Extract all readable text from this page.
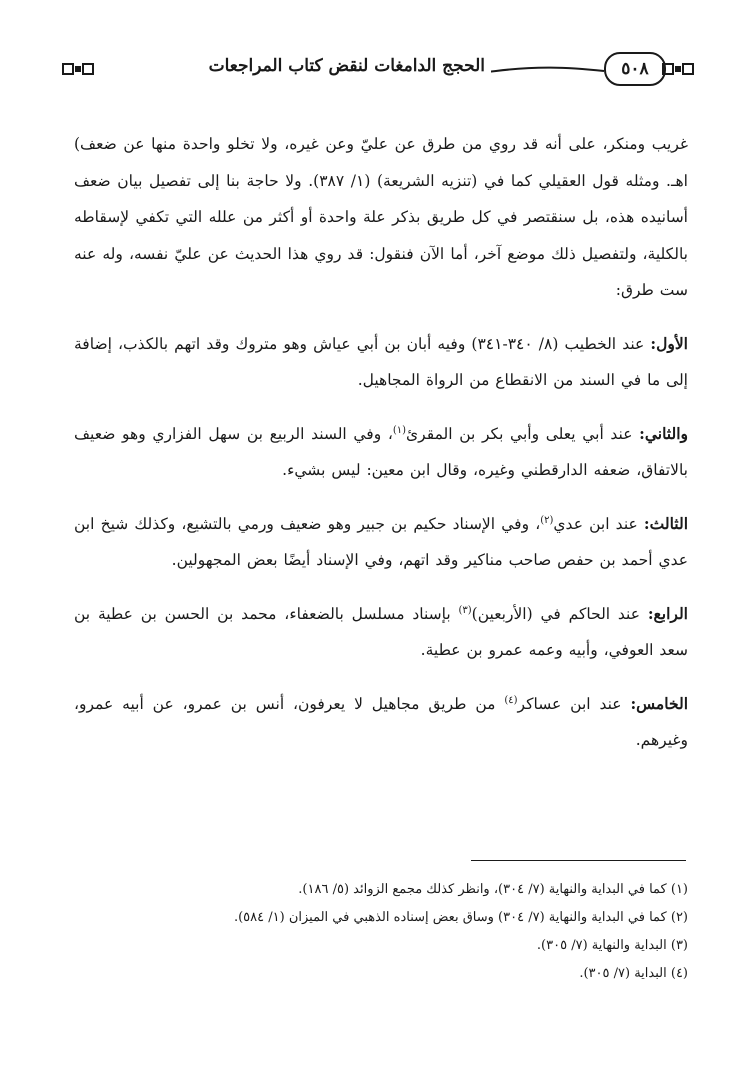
٥٠٨
الحجج الدامغات لنقض كتاب المراجعات

غريب ومنكر، على أنه قد روي من طرق عن عليّ وعن غيره، ولا تخلو واحدة منها عن ضعف) اهـ. ومثله قول العقيلي كما في (تنزيه الشريعة) (١/ ٣٨٧). ولا حاجة بنا إلى تفصيل بيان ضعف أسانيده هذه، بل سنقتصر في كل طريق بذكر علة واحدة أو أكثر من علله التي تكفي لإسقاطه بالكلية، ولتفصيل ذلك موضع آخر، أما الآن فنقول: قد روي هذا الحديث عن عليّ نفسه، وله عنه ست طرق:

الأول: عند الخطيب (٨/ ٣٤٠-٣٤١) وفيه أبان بن أبي عياش وهو متروك وقد اتهم بالكذب، إضافة إلى ما في السند من الانقطاع من الرواة المجاهيل.

والثاني: عند أبي يعلى وأبي بكر بن المقرئ$^{(١)}$، وفي السند الربيع بن سهل الفزاري وهو ضعيف بالاتفاق، ضعفه الدارقطني وغيره، وقال ابن معين: ليس بشيء.

الثالث: عند ابن عدي$^{(٢)}$، وفي الإسناد حكيم بن جبير وهو ضعيف ورمي بالتشيع، وكذلك شيخ ابن عدي أحمد بن حفص صاحب مناكير وقد اتهم، وفي الإسناد أيضًا بعض المجهولين.

الرابع: عند الحاكم في (الأربعين)$^{(٣)}$ بإسناد مسلسل بالضعفاء، محمد بن الحسن بن عطية بن سعد العوفي، وأبيه وعمه عمرو بن عطية.

الخامس: عند ابن عساكر$^{(٤)}$ من طريق مجاهيل لا يعرفون، أنس بن عمرو، عن أبيه عمرو، وغيرهم.

(١) كما في البداية والنهاية (٧/ ٣٠٤)، وانظر كذلك مجمع الزوائد (٥/ ١٨٦).
(٢) كما في البداية والنهاية (٧/ ٣٠٤) وساق بعض إسناده الذهبي في الميزان (١/ ٥٨٤).
(٣) البداية والنهاية (٧/ ٣٠٥).
(٤) البداية (٧/ ٣٠٥).
